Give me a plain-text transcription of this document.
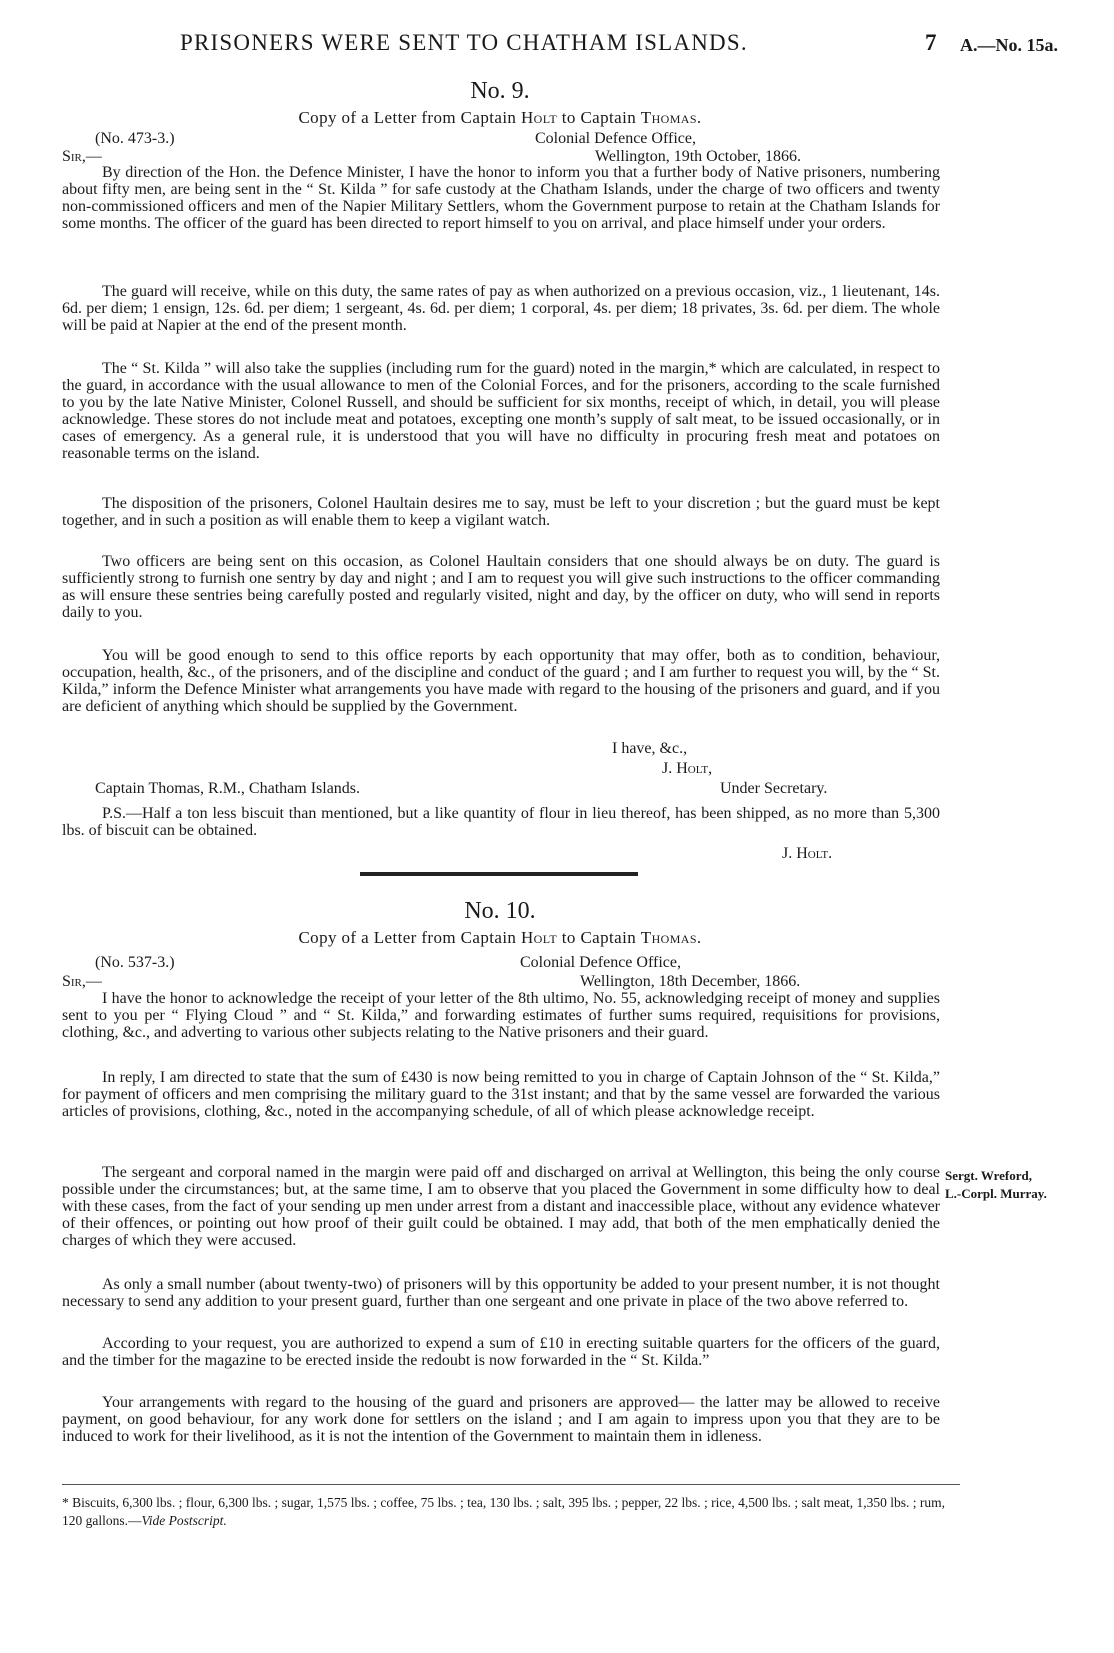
PRISONERS WERE SENT TO CHATHAM ISLANDS.	7 A.—No. 15a.
No. 9.
Copy of a Letter from Captain Holt to Captain Thomas.
(No. 473-3.)	Colonial Defence Office,
Sir,—	Wellington, 19th October, 1866.

By direction of the Hon. the Defence Minister, I have the honor to inform you that a further body of Native prisoners, numbering about fifty men, are being sent in the “ St. Kilda ” for safe custody at the Chatham Islands, under the charge of two officers and twenty non-commissioned officers and men of the Napier Military Settlers, whom the Government purpose to retain at the Chatham Islands for some months. The officer of the guard has been directed to report himself to you on arrival, and place himself under your orders.

The guard will receive, while on this duty, the same rates of pay as when authorized on a previous occasion, viz., 1 lieutenant, 14s. 6d. per diem; 1 ensign, 12s. 6d. per diem; 1 sergeant, 4s. 6d. per diem; 1 corporal, 4s. per diem; 18 privates, 3s. 6d. per diem. The whole will be paid at Napier at the end of the present month.

The “ St. Kilda ” will also take the supplies (including rum for the guard) noted in the margin,* which are calculated, in respect to the guard, in accordance with the usual allowance to men of the Colonial Forces, and for the prisoners, according to the scale furnished to you by the late Native Minister, Colonel Russell, and should be sufficient for six months, receipt of which, in detail, you will please acknowledge. These stores do not include meat and potatoes, excepting one month’s supply of salt meat, to be issued occasionally, or in cases of emergency. As a general rule, it is understood that you will have no difficulty in procuring fresh meat and potatoes on reasonable terms on the island.

The disposition of the prisoners, Colonel Haultain desires me to say, must be left to your discretion ; but the guard must be kept together, and in such a position as will enable them to keep a vigilant watch.

Two officers are being sent on this occasion, as Colonel Haultain considers that one should always be on duty. The guard is sufficiently strong to furnish one sentry by day and night ; and I am to request you will give such instructions to the officer commanding as will ensure these sentries being carefully posted and regularly visited, night and day, by the officer on duty, who will send in reports daily to you.

You will be good enough to send to this office reports by each opportunity that may offer, both as to condition, behaviour, occupation, health, &c., of the prisoners, and of the discipline and conduct of the guard ; and I am further to request you will, by the “ St. Kilda,” inform the Defence Minister what arrangements you have made with regard to the housing of the prisoners and guard, and if you are deficient of anything which should be supplied by the Government.

I have, &c.,
J. Holt,
Captain Thomas, R.M., Chatham Islands.	Under Secretary.

P.S.—Half a ton less biscuit than mentioned, but a like quantity of flour in lieu thereof, has been shipped, as no more than 5,300 lbs. of biscuit can be obtained.

J. Holt.
No. 10.
Copy of a Letter from Captain Holt to Captain Thomas.
(No. 537-3.)	Colonial Defence Office,
Sir,—	Wellington, 18th December, 1866.

I have the honor to acknowledge the receipt of your letter of the 8th ultimo, No. 55, acknowledging receipt of money and supplies sent to you per “ Flying Cloud ” and “ St. Kilda,” and forwarding estimates of further sums required, requisitions for provisions, clothing, &c., and adverting to various other subjects relating to the Native prisoners and their guard.

In reply, I am directed to state that the sum of £430 is now being remitted to you in charge of Captain Johnson of the “ St. Kilda,” for payment of officers and men comprising the military guard to the 31st instant; and that by the same vessel are forwarded the various articles of provisions, clothing, &c., noted in the accompanying schedule, of all of which please acknowledge receipt.

The sergeant and corporal named in the margin were paid off and discharged on arrival at Wellington, this being the only course possible under the circumstances; but, at the same time, I am to observe that you placed the Government in some difficulty how to deal with these cases, from the fact of your sending up men under arrest from a distant and inaccessible place, without any evidence whatever of their offences, or pointing out how proof of their guilt could be obtained. I may add, that both of the men emphatically denied the charges of which they were accused.

As only a small number (about twenty-two) of prisoners will by this opportunity be added to your present number, it is not thought necessary to send any addition to your present guard, further than one sergeant and one private in place of the two above referred to.

According to your request, you are authorized to expend a sum of £10 in erecting suitable quarters for the officers of the guard, and the timber for the magazine to be erected inside the redoubt is now forwarded in the “ St. Kilda.”

Your arrangements with regard to the housing of the guard and prisoners are approved— the latter may be allowed to receive payment, on good behaviour, for any work done for settlers on the island ; and I am again to impress upon you that they are to be induced to work for their livelihood, as it is not the intention of the Government to maintain them in idleness.

Sergt. Wreford,
L.-Corpl. Murray.

* Biscuits, 6,300 lbs. ; flour, 6,300 lbs. ; sugar, 1,575 lbs. ; coffee, 75 lbs. ; tea, 130 lbs. ; salt, 395 lbs. ; pepper, 22 lbs. ; rice, 4,500 lbs. ; salt meat, 1,350 lbs. ; rum, 120 gallons.—Vide Postscript.
